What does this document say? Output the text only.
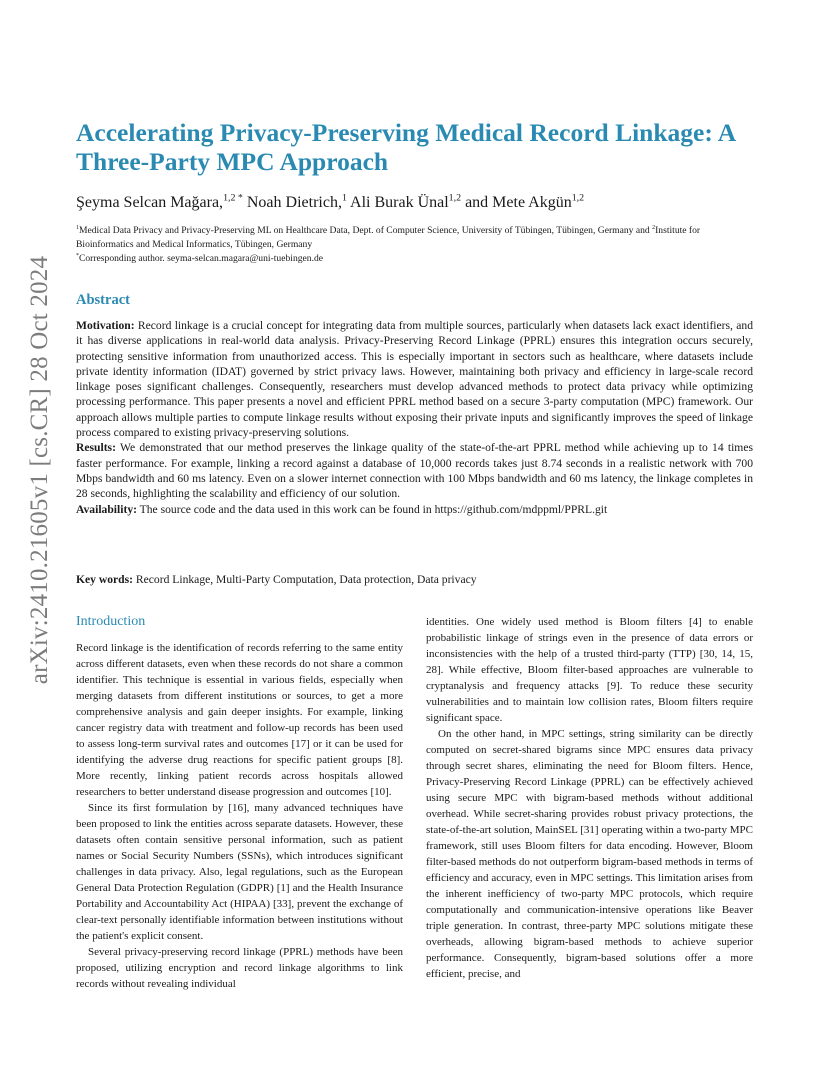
arXiv:2410.21605v1 [cs.CR] 28 Oct 2024
Accelerating Privacy-Preserving Medical Record Linkage: A Three-Party MPC Approach
Şeyma Selcan Mağara,$^{1,2 *}$ Noah Dietrich,$^1$ Ali Burak Ünal$^{1,2}$ and Mete Akgün$^{1,2}$
$^1$Medical Data Privacy and Privacy-Preserving ML on Healthcare Data, Dept. of Computer Science, University of Tübingen, Tübingen, Germany and $^2$Institute for Bioinformatics and Medical Informatics, Tübingen, Germany
*Corresponding author. seyma-selcan.magara@uni-tuebingen.de
Abstract

Motivation: Record linkage is a crucial concept for integrating data from multiple sources, particularly when datasets lack exact identifiers, and it has diverse applications in real-world data analysis. Privacy-Preserving Record Linkage (PPRL) ensures this integration occurs securely, protecting sensitive information from unauthorized access. This is especially important in sectors such as healthcare, where datasets include private identity information (IDAT) governed by strict privacy laws. However, maintaining both privacy and efficiency in large-scale record linkage poses significant challenges. Consequently, researchers must develop advanced methods to protect data privacy while optimizing processing performance. This paper presents a novel and efficient PPRL method based on a secure 3-party computation (MPC) framework. Our approach allows multiple parties to compute linkage results without exposing their private inputs and significantly improves the speed of linkage process compared to existing privacy-preserving solutions.

Results: We demonstrated that our method preserves the linkage quality of the state-of-the-art PPRL method while achieving up to 14 times faster performance. For example, linking a record against a database of 10,000 records takes just 8.74 seconds in a realistic network with 700 Mbps bandwidth and 60 ms latency. Even on a slower internet connection with 100 Mbps bandwidth and 60 ms latency, the linkage completes in 28 seconds, highlighting the scalability and efficiency of our solution.

Availability: The source code and the data used in this work can be found in https://github.com/mdppml/PPRL.git

Key words: Record Linkage, Multi-Party Computation, Data protection, Data privacy
Introduction

Record linkage is the identification of records referring to the same entity across different datasets, even when these records do not share a common identifier. This technique is essential in various fields, especially when merging datasets from different institutions or sources, to get a more comprehensive analysis and gain deeper insights. For example, linking cancer registry data with treatment and follow-up records has been used to assess long-term survival rates and outcomes [17] or it can be used for identifying the adverse drug reactions for specific patient groups [8]. More recently, linking patient records across hospitals allowed researchers to better understand disease progression and outcomes [10].

Since its first formulation by [16], many advanced techniques have been proposed to link the entities across separate datasets. However, these datasets often contain sensitive personal information, such as patient names or Social Security Numbers (SSNs), which introduces significant challenges in data privacy. Also, legal regulations, such as the European General Data Protection Regulation (GDPR) [1] and the Health Insurance Portability and Accountability Act (HIPAA) [33], prevent the exchange of clear-text personally identifiable information between institutions without the patient's explicit consent.

Several privacy-preserving record linkage (PPRL) methods have been proposed, utilizing encryption and record linkage algorithms to link records without revealing individual

identities. One widely used method is Bloom filters [4] to enable probabilistic linkage of strings even in the presence of data errors or inconsistencies with the help of a trusted third-party (TTP) [30, 14, 15, 28]. While effective, Bloom filter-based approaches are vulnerable to cryptanalysis and frequency attacks [9]. To reduce these security vulnerabilities and to maintain low collision rates, Bloom filters require significant space.

On the other hand, in MPC settings, string similarity can be directly computed on secret-shared bigrams since MPC ensures data privacy through secret shares, eliminating the need for Bloom filters. Hence, Privacy-Preserving Record Linkage (PPRL) can be effectively achieved using secure MPC with bigram-based methods without additional overhead. While secret-sharing provides robust privacy protections, the state-of-the-art solution, MainSEL [31] operating within a two-party MPC framework, still uses Bloom filters for data encoding. However, Bloom filter-based methods do not outperform bigram-based methods in terms of efficiency and accuracy, even in MPC settings. This limitation arises from the inherent inefficiency of two-party MPC protocols, which require computationally and communication-intensive operations like Beaver triple generation. In contrast, three-party MPC solutions mitigate these overheads, allowing bigram-based methods to achieve superior performance. Consequently, bigram-based solutions offer a more efficient, precise, and
